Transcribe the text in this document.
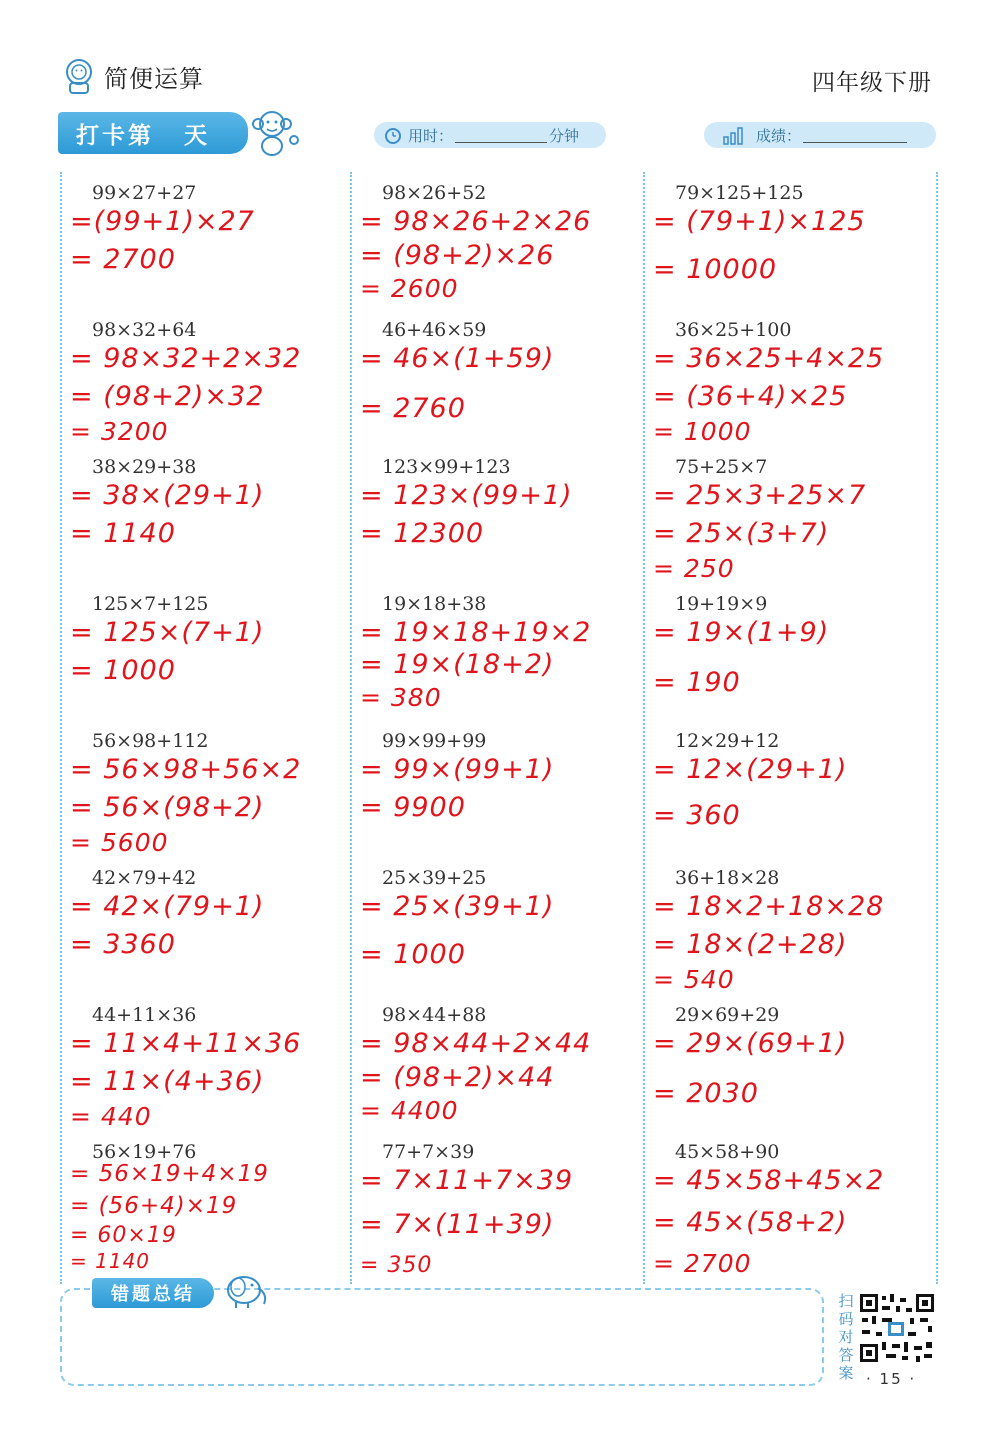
简便运算	四年级下册
打卡第 天	用时：	分钟	成绩：
99×27+27
=(99+1)×27
= 2700
98×32+64
= 98×32+2×32
= (98+2)×32
= 3200
38×29+38
= 38×(29+1)
= 1140
125×7+125
= 125×(7+1)
= 1000
56×98+112
= 56×98+56×2
= 56×(98+2)
= 5600
42×79+42
= 42×(79+1)
= 3360
44+11×36
= 11×4+11×36
= 11×(4+36)
= 440
56×19+76
= 56×19+4×19
= (56+4)×19
= 60×19
= 1140
98×26+52
= 98×26+2×26
= (98+2)×26
= 2600
46+46×59
= 46×(1+59)
= 2760
123×99+123
= 123×(99+1)
= 12300
19×18+38
= 19×18+19×2
= 19×(18+2)
= 380
99×99+99
= 99×(99+1)
= 9900
25×39+25
= 25×(39+1)
= 1000
98×44+88
= 98×44+2×44
= (98+2)×44
= 4400
77+7×39
= 7×11+7×39
= 7×(11+39)
= 350
79×125+125
= (79+1)×125
= 10000
36×25+100
= 36×25+4×25
= (36+4)×25
= 1000
75+25×7
= 25×3+25×7
= 25×(3+7)
= 250
19+19×9
= 19×(1+9)
= 190
12×29+12
= 12×(29+1)
= 360
36+18×28
= 18×2+18×28
= 18×(2+28)
= 540
29×69+29
= 29×(69+1)
= 2030
45×58+90
= 45×58+45×2
= 45×(58+2)
= 2700
错题总结	扫码对答案 · 15 ·
